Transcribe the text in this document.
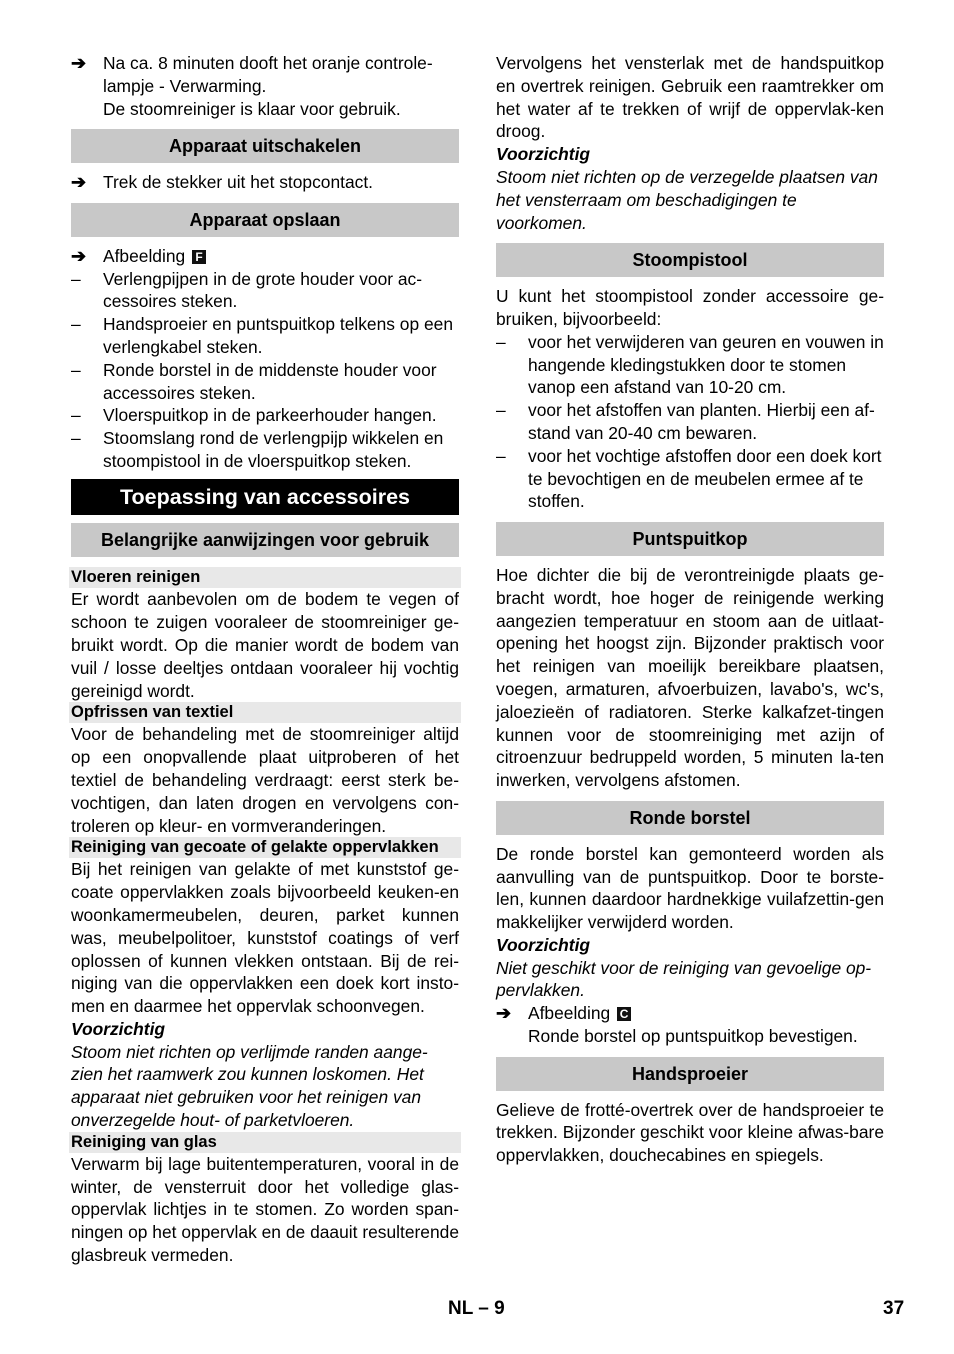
➔ Na ca. 8 minuten dooft het oranje controle-lampje - Verwarming.

De stoomreiniger is klaar voor gebruik.

Apparaat uitschakelen
➔ Trek de stekker uit het stopcontact.

Apparaat opslaan
➔ Afbeelding F
– Verlengpijpen in de grote houder voor ac-cessoires steken.

– Handsproeier en puntspuitkop telkens op een verlengkabel steken.

– Ronde borstel in de middenste houder voor accessoires steken.

– Vloerspuitkop in de parkeerhouder hangen.

– Stoomslang rond de verlengpijp wikkelen en stoompistool in de vloerspuitkop steken.

Toepassing van accessoires
Belangrijke aanwijzingen voor gebruik
Vloeren reinigen

Er wordt aanbevolen om de bodem te vegen of schoon te zuigen vooraleer de stoomreiniger ge-bruikt wordt. Op die manier wordt de bodem van vuil / losse deeltjes ontdaan vooraleer hij vochtig gereinigd wordt.

Opfrissen van textiel

Voor de behandeling met de stoomreiniger altijd op een onopvallende plaat uitproberen of het textiel de behandeling verdraagt: eerst sterk be-vochtigen, dan laten drogen en vervolgens con-troleren op kleur- en vormveranderingen.

Reiniging van gecoate of gelakte oppervlakken

Bij het reinigen van gelakte of met kunststof ge-coate oppervlakken zoals bijvoorbeeld keuken-en woonkamermeubelen, deuren, parket kunnen was, meubelpolitoer, kunststof coatings of verf oplossen of kunnen vlekken ontstaan. Bij de rei-niging van die oppervlakken een doek kort insto-men en daarmee het oppervlak schoonvegen.

Voorzichtig

Stoom niet richten op verlijmde randen aange-zien het raamwerk zou kunnen loskomen. Het apparaat niet gebruiken voor het reinigen van onverzegelde hout- of parketvloeren.

Reiniging van glas

Verwarm bij lage buitentemperaturen, vooral in de winter, de vensterruit door het volledige glas-oppervlak lichtjes in te stomen. Zo worden span-ningen op het oppervlak en de daauit resulterende glasbreuk vermeden.

Vervolgens het vensterlak met de handspuitkop en overtrek reinigen. Gebruik een raamtrekker om het water af te trekken of wrijf de oppervlak-ken droog.

Voorzichtig

Stoom niet richten op de verzegelde plaatsen van het vensterraam om beschadigingen te voorkomen.

Stoompistool

U kunt het stoompistool zonder accessoire ge-bruiken, bijvoorbeeld:

– voor het verwijderen van geuren en vouwen in hangende kledingstukken door te stomen vanop een afstand van 10-20 cm.

– voor het afstoffen van planten. Hierbij een af-stand van 20-40 cm bewaren.

– voor het vochtige afstoffen door een doek kort te bevochtigen en de meubelen ermee af te stoffen.

Puntspuitkop

Hoe dichter die bij de verontreinigde plaats ge-bracht wordt, hoe hoger de reinigende werking aangezien temperatuur en stoom aan de uitlaat-opening het hoogst zijn. Bijzonder praktisch voor het reinigen van moeilijk bereikbare plaatsen, voegen, armaturen, afvoerbuizen, lavabo's, wc's, jaloezieën of radiatoren. Sterke kalkafzet-tingen kunnen voor de stoomreiniging met azijn of citroenzuur bedruppeld worden, 5 minuten la-ten inwerken, vervolgens afstomen.

Ronde borstel

De ronde borstel kan gemonteerd worden als aanvulling van de puntspuitkop. Door te borste-len, kunnen daardoor hardnekkige vuilafzettin-gen makkelijker verwijderd worden.

Voorzichtig

Niet geschikt voor de reiniging van gevoelige op-pervlakken.

➔ Afbeelding C

Ronde borstel op puntspuitkop bevestigen.

Handsproeier

Gelieve de frotté-overtrek over de handsproeier te trekken. Bijzonder geschikt voor kleine afwas-bare oppervlakken, douchecabines en spiegels.

NL – 9	37
